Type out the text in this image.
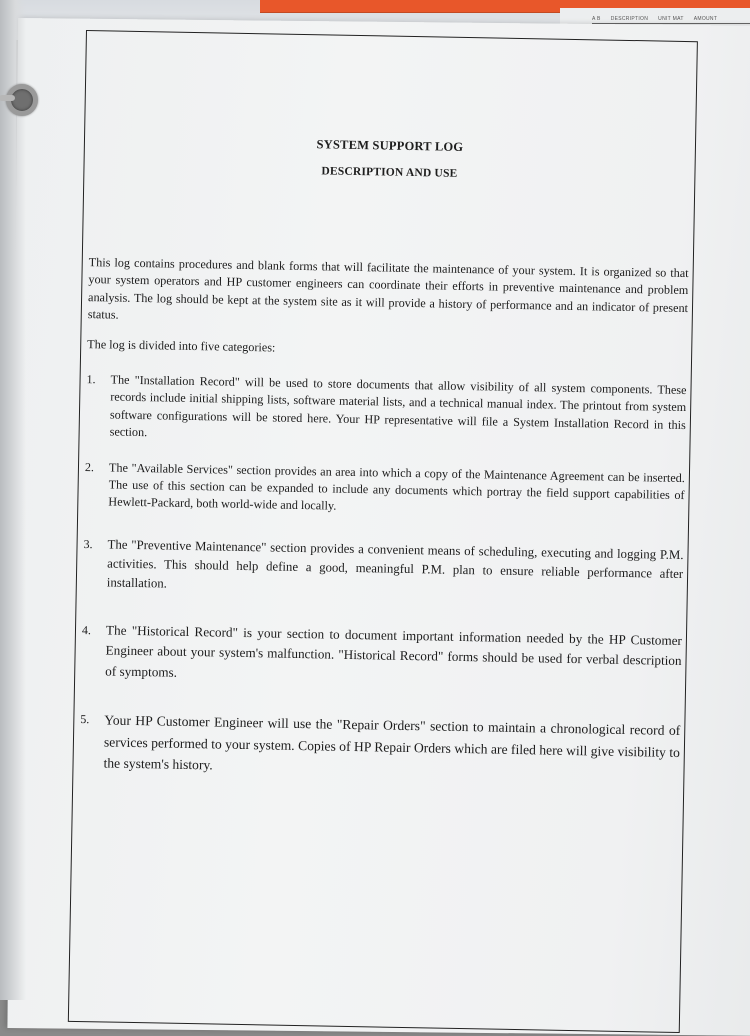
A B DESCRIPTION UNIT MAT AMOUNT
SYSTEM SUPPORT LOG
DESCRIPTION AND USE

This log contains procedures and blank forms that will facilitate the maintenance of your system. It is organized so that your system operators and HP customer engineers can coordinate their efforts in preventive maintenance and problem analysis. The log should be kept at the system site as it will provide a history of performance and an indicator of present status.

The log is divided into five categories:

1.	The "Installation Record" will be used to store documents that allow visibility of all system components. These records include initial shipping lists, software material lists, and a technical manual index. The printout from system software configurations will be stored here. Your HP representative will file a System Installation Record in this section.
2.	The "Available Services" section provides an area into which a copy of the Maintenance Agreement can be inserted. The use of this section can be expanded to include any documents which portray the field support capabilities of Hewlett-Packard, both world-wide and locally.
3.	The "Preventive Maintenance" section provides a convenient means of scheduling, executing and logging P.M. activities. This should help define a good, meaningful P.M. plan to ensure reliable performance after installation.
4.	The "Historical Record" is your section to document important information needed by the HP Customer Engineer about your system's malfunction. "Historical Record" forms should be used for verbal description of symptoms.
5.	Your HP Customer Engineer will use the "Repair Orders" section to maintain a chronological record of services performed to your system. Copies of HP Repair Orders which are filed here will give visibility to the system's history.
